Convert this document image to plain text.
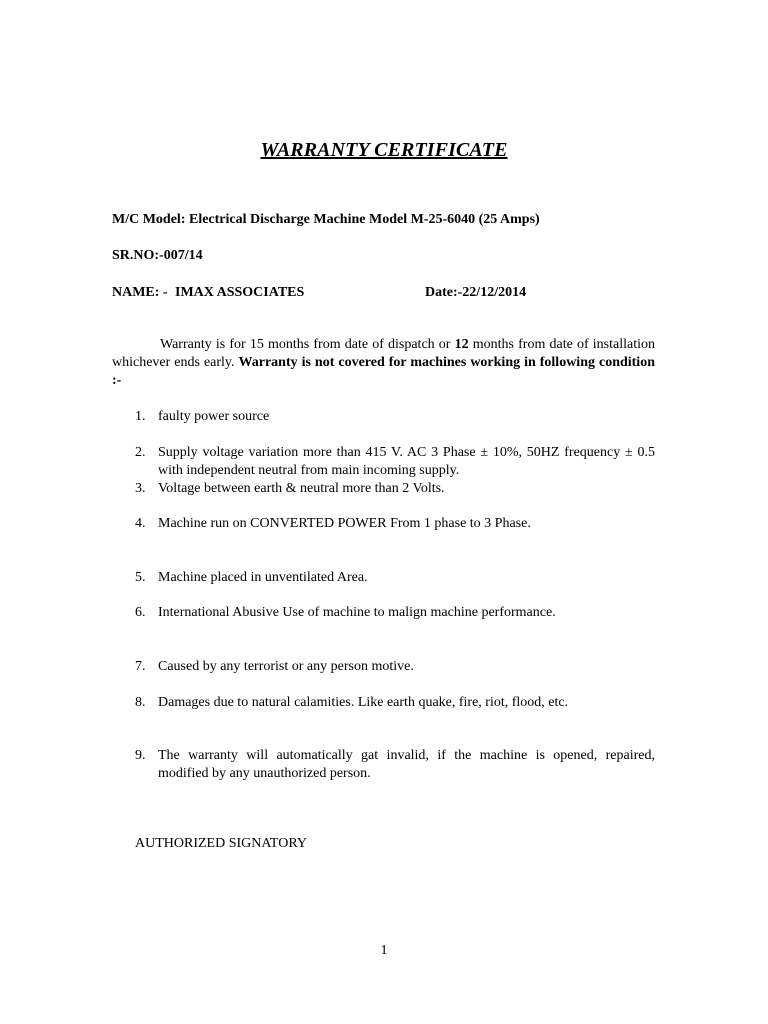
WARRANTY CERTIFICATE
M/C Model: Electrical Discharge Machine Model M-25-6040 (25 Amps)
SR.NO:-007/14
NAME: - IMAX ASSOCIATES	Date:-22/12/2014

Warranty is for 15 months from date of dispatch or 12 months from date of installation whichever ends early. Warranty is not covered for machines working in following condition :-

1. faulty power source
2. Supply voltage variation more than 415 V. AC 3 Phase ± 10%, 50HZ frequency ± 0.5 with independent neutral from main incoming supply.
3. Voltage between earth & neutral more than 2 Volts.
4. Machine run on CONVERTED POWER From 1 phase to 3 Phase.
5. Machine placed in unventilated Area.
6. International Abusive Use of machine to malign machine performance.
7. Caused by any terrorist or any person motive.
8. Damages due to natural calamities. Like earth quake, fire, riot, flood, etc.
9. The warranty will automatically gat invalid, if the machine is opened, repaired, modified by any unauthorized person.
AUTHORIZED SIGNATORY
1
